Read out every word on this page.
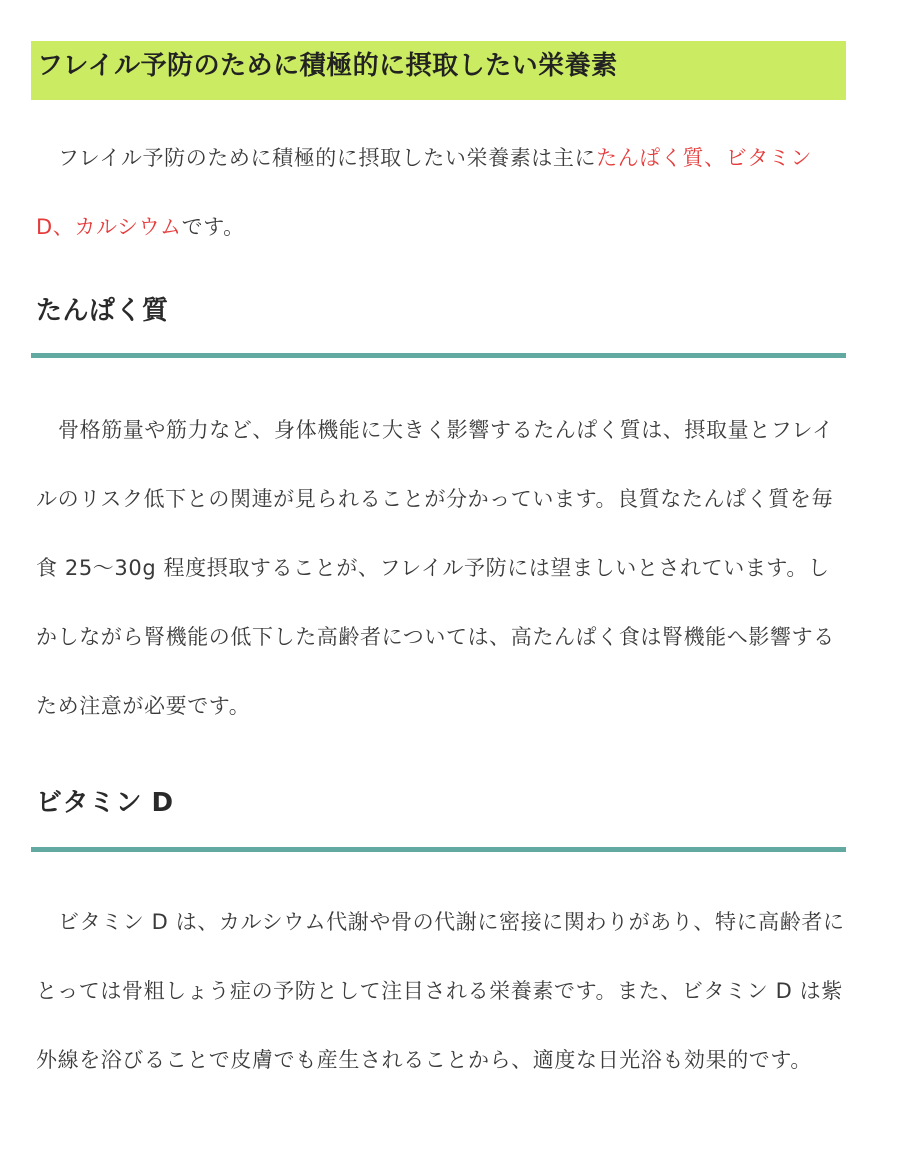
フレイル予防のために積極的に摂取したい栄養素

フレイル予防のために積極的に摂取したい栄養素は主にたんぱく質、ビタミン D、カルシウムです。

たんぱく質

骨格筋量や筋力など、身体機能に大きく影響するたんぱく質は、摂取量とフレイルのリスク低下との関連が見られることが分かっています。良質なたんぱく質を毎食 25〜30g 程度摂取することが、フレイル予防には望ましいとされています。しかしながら腎機能の低下した高齢者については、高たんぱく食は腎機能へ影響するため注意が必要です。

ビタミン D

ビタミン D は、カルシウム代謝や骨の代謝に密接に関わりがあり、特に高齢者にとっては骨粗しょう症の予防として注目される栄養素です。また、ビタミン D は紫外線を浴びることで皮膚でも産生されることから、適度な日光浴も効果的です。
